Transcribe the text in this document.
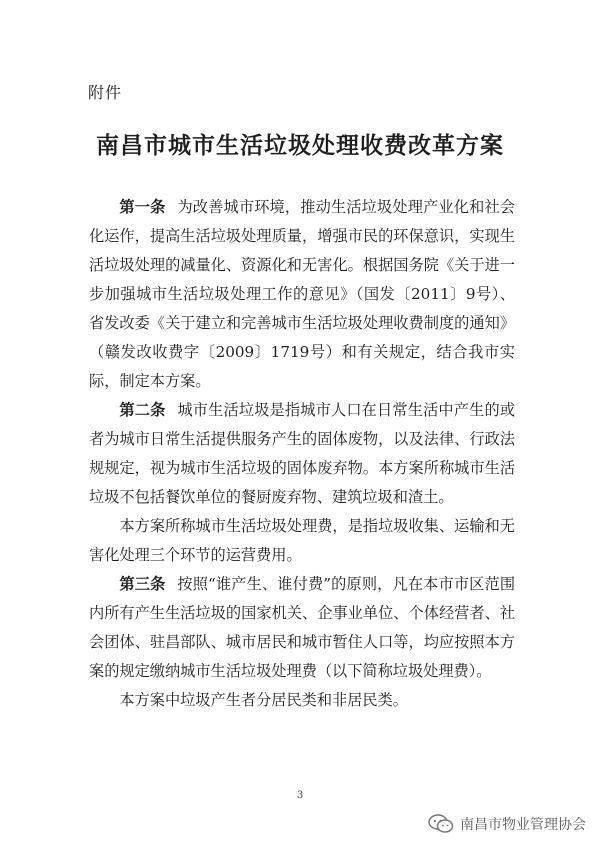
附件
南昌市城市生活垃圾处理收费改革方案

第一条 为改善城市环境，推动生活垃圾处理产业化和社会化运作，提高生活垃圾处理质量，增强市民的环保意识，实现生活垃圾处理的减量化、资源化和无害化。根据国务院《关于进一步加强城市生活垃圾处理工作的意见》（国发〔2011〕9号）、省发改委《关于建立和完善城市生活垃圾处理收费制度的通知》（赣发改收费字〔2009〕1719号）和有关规定，结合我市实际，制定本方案。

第二条 城市生活垃圾是指城市人口在日常生活中产生的或者为城市日常生活提供服务产生的固体废物，以及法律、行政法规规定，视为城市生活垃圾的固体废弃物。本方案所称城市生活垃圾不包括餐饮单位的餐厨废弃物、建筑垃圾和渣土。

本方案所称城市生活垃圾处理费，是指垃圾收集、运输和无害化处理三个环节的运营费用。

第三条 按照“谁产生、谁付费”的原则，凡在本市市区范围内所有产生生活垃圾的国家机关、企事业单位、个体经营者、社会团体、驻昌部队、城市居民和城市暂住人口等，均应按照本方案的规定缴纳城市生活垃圾处理费（以下简称垃圾处理费）。

本方案中垃圾产生者分居民类和非居民类。

3
南昌市物业管理协会
